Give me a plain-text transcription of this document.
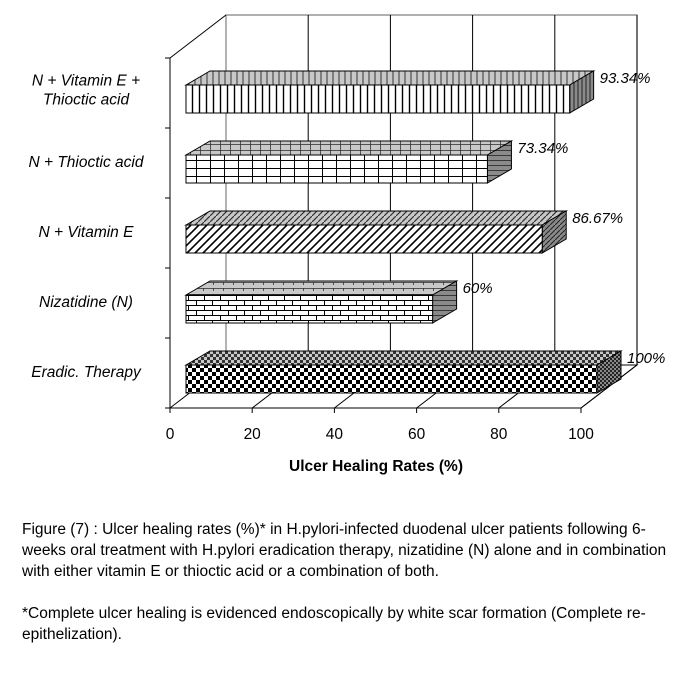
0	20	40	60	80	100
93.34%
N + Vitamin E + Thioctic acid
73.34%
N + Thioctic acid
86.67%
N + Vitamin E
60%
Nizatidine (N)
100%
Eradic. Therapy
Ulcer Healing Rates (%)

Figure (7) : Ulcer healing rates (%)* in H.pylori-infected duodenal ulcer patients following 6-weeks oral treatment with H.pylori eradication therapy, nizatidine (N) alone and in combination with either vitamin E or thioctic acid or a combination of both.

*Complete ulcer healing is evidenced endoscopically by white scar formation (Complete re-epithelization).
